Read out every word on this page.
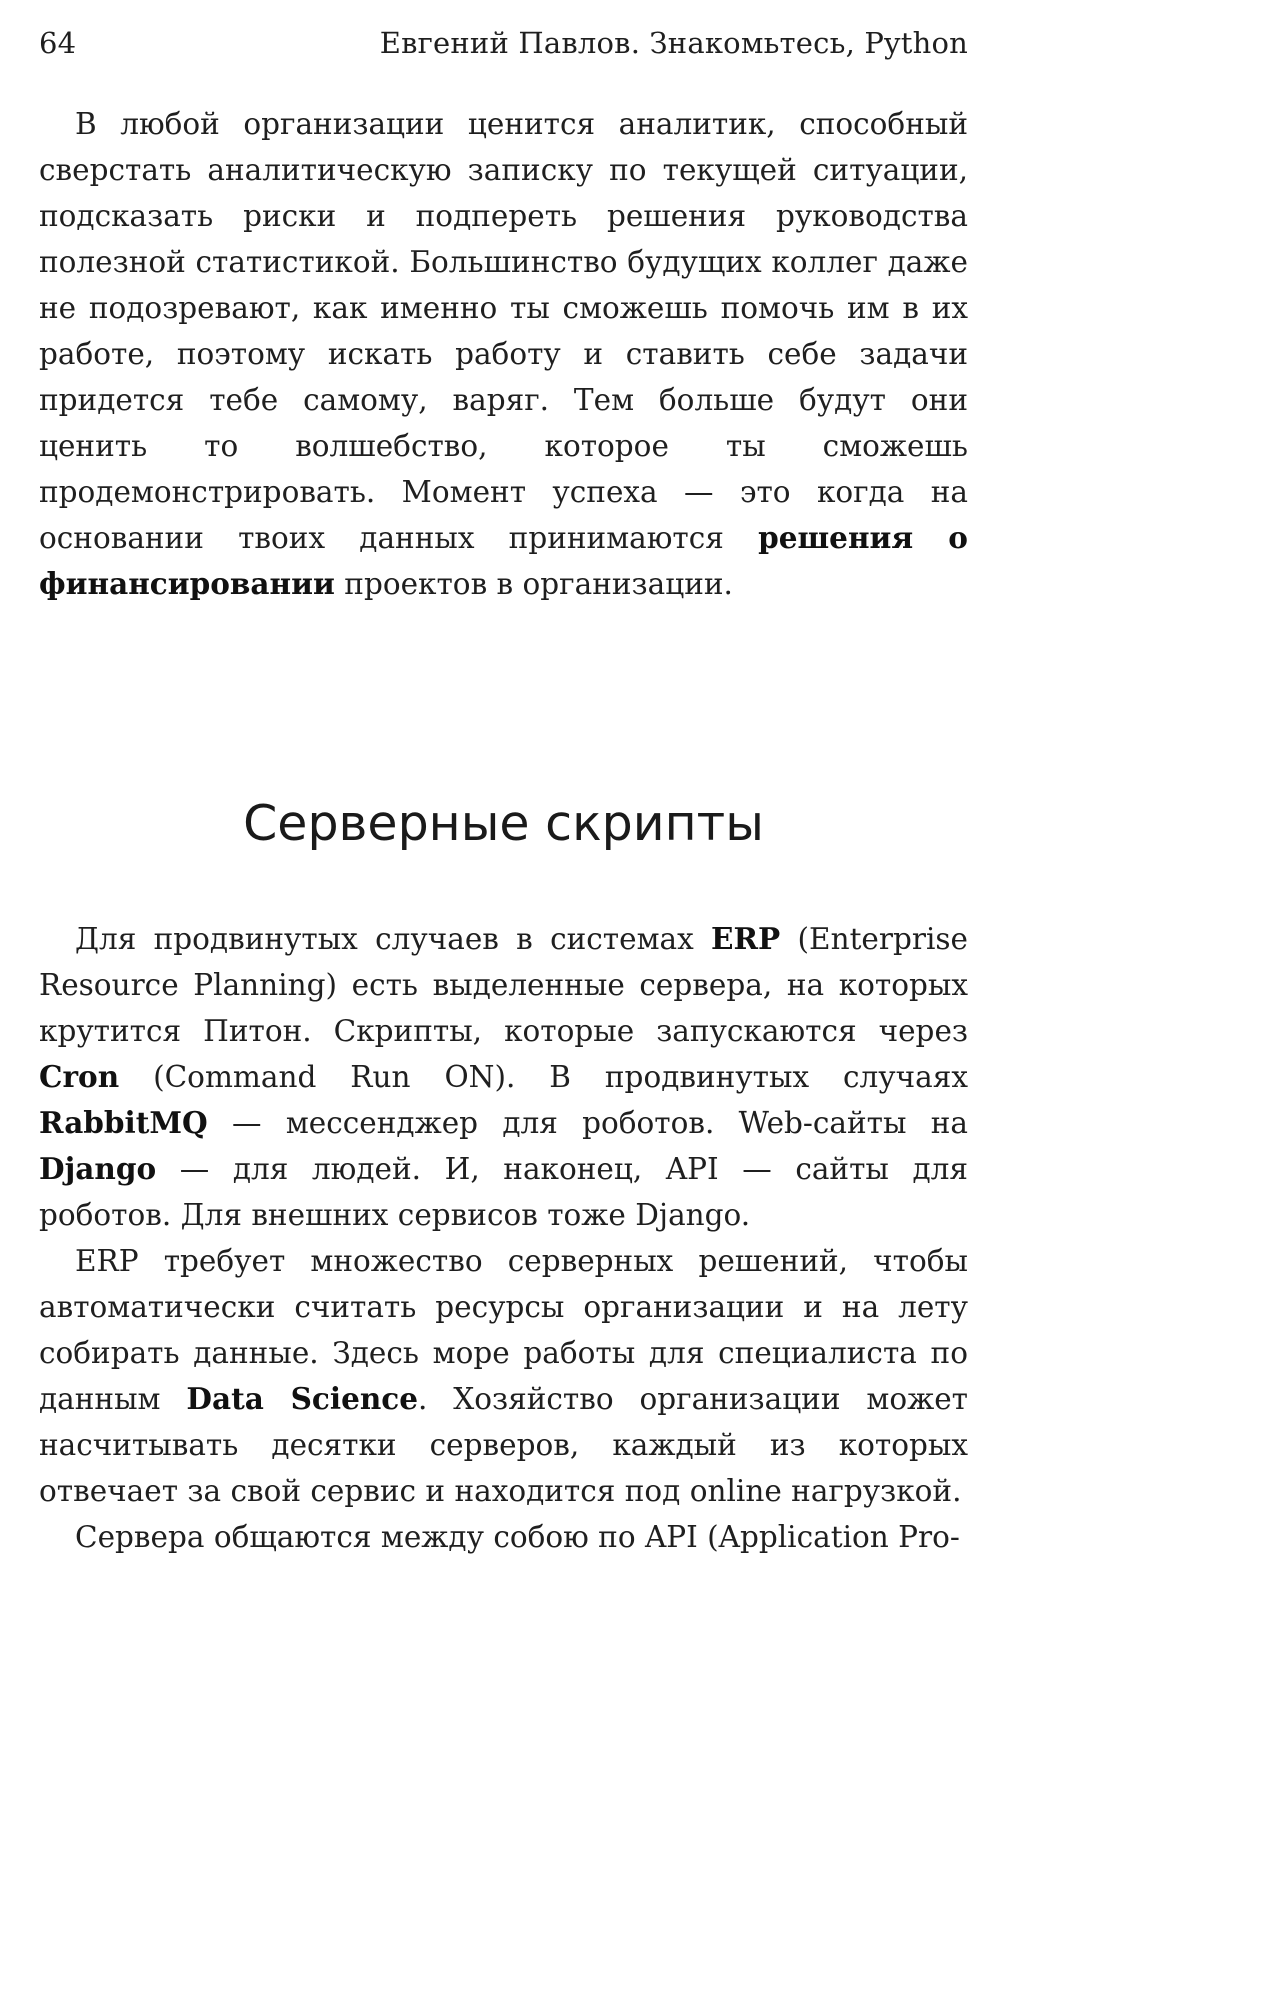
64	Евгений Павлов. Знакомьтесь, Python

В любой организации ценится аналитик, способный сверстать аналитическую записку по текущей ситуации, подсказать риски и подпереть решения руководства полезной статистикой. Большинство будущих коллег даже не подозревают, как именно ты сможешь помочь им в их работе, поэтому искать работу и ставить себе задачи придется тебе самому, варяг. Тем больше будут они ценить то волшебство, которое ты сможешь продемонстрировать. Момент успеха — это когда на основании твоих данных принимаются решения о финансировании проектов в организации.

Серверные скрипты

Для продвинутых случаев в системах ERP (Enterprise Resource Planning) есть выделенные сервера, на которых крутится Питон. Скрипты, которые запускаются через Cron (Command Run ON). В продвинутых случаях RabbitMQ — мессенджер для роботов. Web-сайты на Django — для людей. И, наконец, API — сайты для роботов. Для внешних сервисов тоже Django.

ERP требует множество серверных решений, чтобы автоматически считать ресурсы организации и на лету собирать данные. Здесь море работы для специалиста по данным Data Science. Хозяйство организации может насчитывать десятки серверов, каждый из которых отвечает за свой сервис и находится под online нагрузкой.

Сервера общаются между собою по API (Application Pro-
